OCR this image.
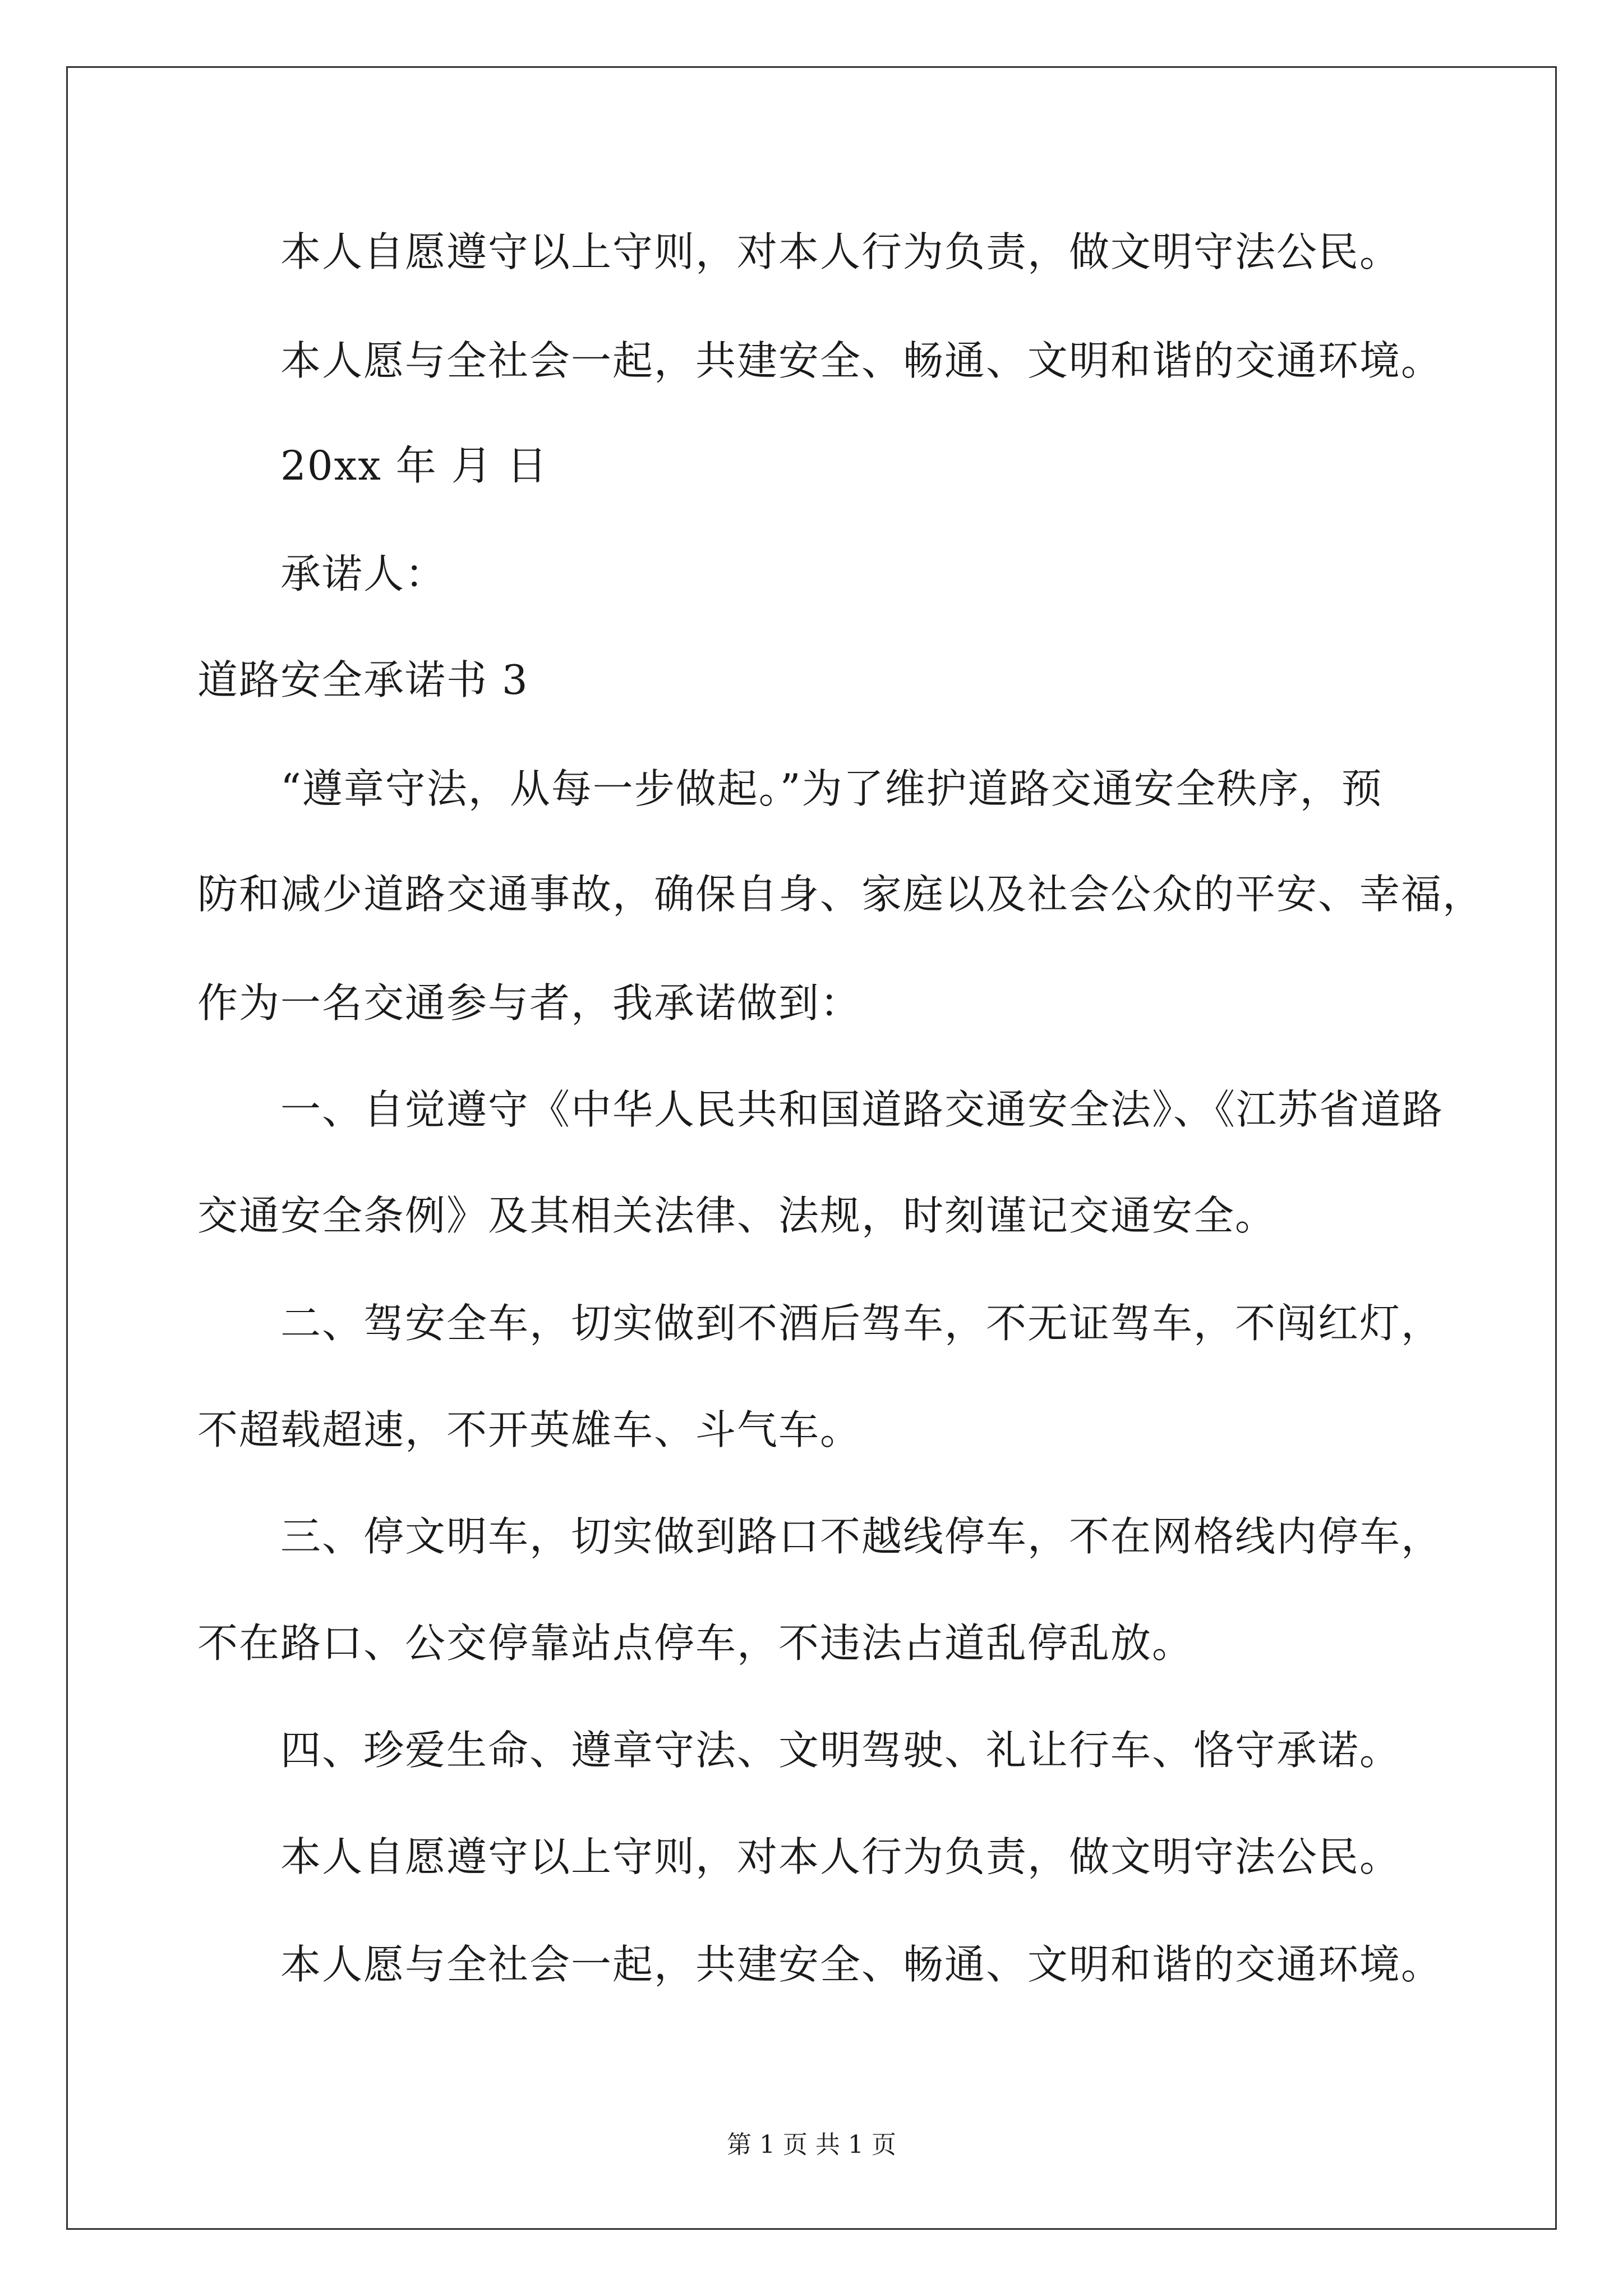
本人自愿遵守以上守则，对本人行为负责，做文明守法公民。
本人愿与全社会一起，共建安全、畅通、文明和谐的交通环境。
20xx 年 月 日
承诺人：
道路安全承诺书 3
“遵章守法，从每一步做起。”为了维护道路交通安全秩序，预
防和减少道路交通事故，确保自身、家庭以及社会公众的平安、幸福，
作为一名交通参与者，我承诺做到：
一、自觉遵守《中华人民共和国道路交通安全法》、《江苏省道路
交通安全条例》及其相关法律、法规，时刻谨记交通安全。
二、驾安全车，切实做到不酒后驾车，不无证驾车，不闯红灯，
不超载超速，不开英雄车、斗气车。
三、停文明车，切实做到路口不越线停车，不在网格线内停车，
不在路口、公交停靠站点停车，不违法占道乱停乱放。
四、珍爱生命、遵章守法、文明驾驶、礼让行车、恪守承诺。
本人自愿遵守以上守则，对本人行为负责，做文明守法公民。
本人愿与全社会一起，共建安全、畅通、文明和谐的交通环境。
第 1 页 共 1 页
